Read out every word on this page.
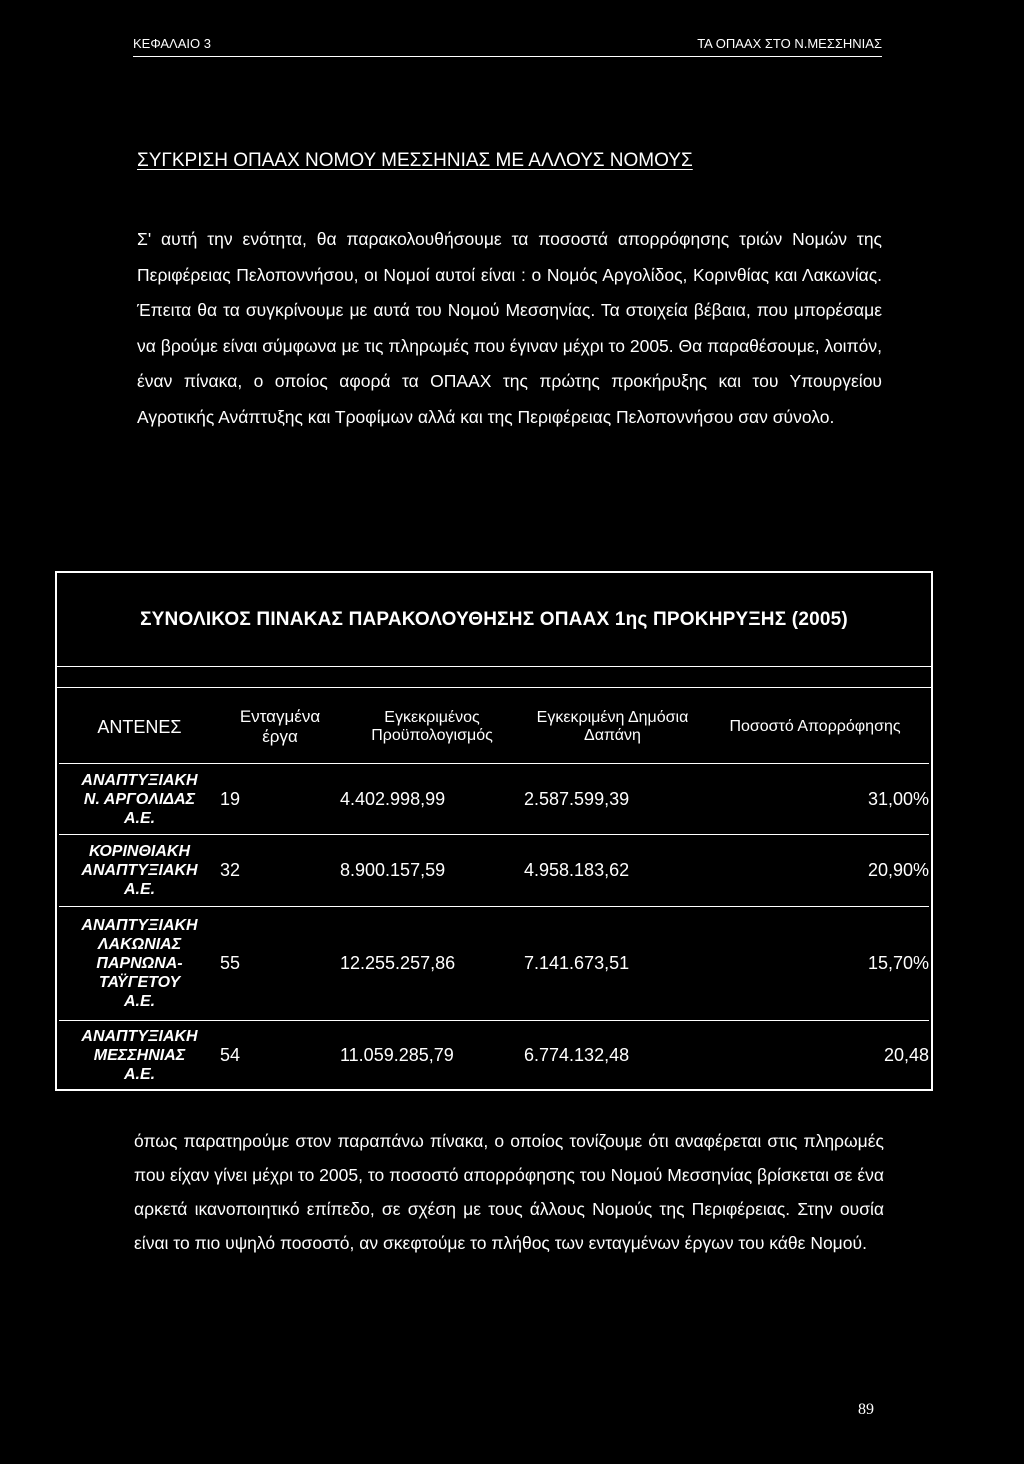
ΚΕΦΑΛΑΙΟ 3	ΤΑ ΟΠΑΑΧ ΣΤΟ Ν.ΜΕΣΣΗΝΙΑΣ
ΣΥΓΚΡΙΣΗ ΟΠΑΑΧ ΝΟΜΟΥ ΜΕΣΣΗΝΙΑΣ ΜΕ ΑΛΛΟΥΣ ΝΟΜΟΥΣ

Σ' αυτή την ενότητα, θα παρακολουθήσουμε τα ποσοστά απορρόφησης τριών Νομών της Περιφέρειας Πελοποννήσου, οι Νομοί αυτοί είναι : ο Νομός Αργολίδος, Κορινθίας και Λακωνίας. Έπειτα θα τα συγκρίνουμε με αυτά του Νομού Μεσσηνίας. Τα στοιχεία βέβαια, που μπορέσαμε να βρούμε είναι σύμφωνα με τις πληρωμές που έγιναν μέχρι το 2005. Θα παραθέσουμε, λοιπόν, έναν πίνακα, ο οποίος αφορά τα ΟΠΑΑΧ της πρώτης προκήρυξης και του Υπουργείου Αγροτικής Ανάπτυξης και Τροφίμων αλλά και της Περιφέρειας Πελοποννήσου σαν σύνολο.

ΣΥΝΟΛΙΚΟΣ ΠΙΝΑΚΑΣ ΠΑΡΑΚΟΛΟΥΘΗΣΗΣ ΟΠΑΑΧ 1ης ΠΡΟΚΗΡΥΞΗΣ (2005)
ΑΝΤΕΝΕΣ	Ενταγμένα έργα	Εγκεκριμένος Προϋπολογισμός	Εγκεκριμένη Δημόσια Δαπάνη	Ποσοστό Απορρόφησης
ΑΝΑΠΤΥΞΙΑΚΗ
Ν. ΑΡΓΟΛΙΔΑΣ
Α.Ε.	19	4.402.998,99	2.587.599,39	31,00%
ΚΟΡΙΝΘΙΑΚΗ
ΑΝΑΠΤΥΞΙΑΚΗ
Α.Ε.	32	8.900.157,59	4.958.183,62	20,90%
ΑΝΑΠΤΥΞΙΑΚΗ
ΛΑΚΩΝΙΑΣ
ΠΑΡΝΩΝΑ-
ΤΑΫΓΕΤΟΥ
Α.Ε.	55	12.255.257,86	7.141.673,51	15,70%
ΑΝΑΠΤΥΞΙΑΚΗ
ΜΕΣΣΗΝΙΑΣ
Α.Ε.	54	11.059.285,79	6.774.132,48	20,48

όπως παρατηρούμε στον παραπάνω πίνακα, ο οποίος τονίζουμε ότι αναφέρεται στις πληρωμές που είχαν γίνει μέχρι το 2005, το ποσοστό απορρόφησης του Νομού Μεσσηνίας βρίσκεται σε ένα αρκετά ικανοποιητικό επίπεδο, σε σχέση με τους άλλους Νομούς της Περιφέρειας. Στην ουσία είναι το πιο υψηλό ποσοστό, αν σκεφτούμε το πλήθος των ενταγμένων έργων του κάθε Νομού.

89
